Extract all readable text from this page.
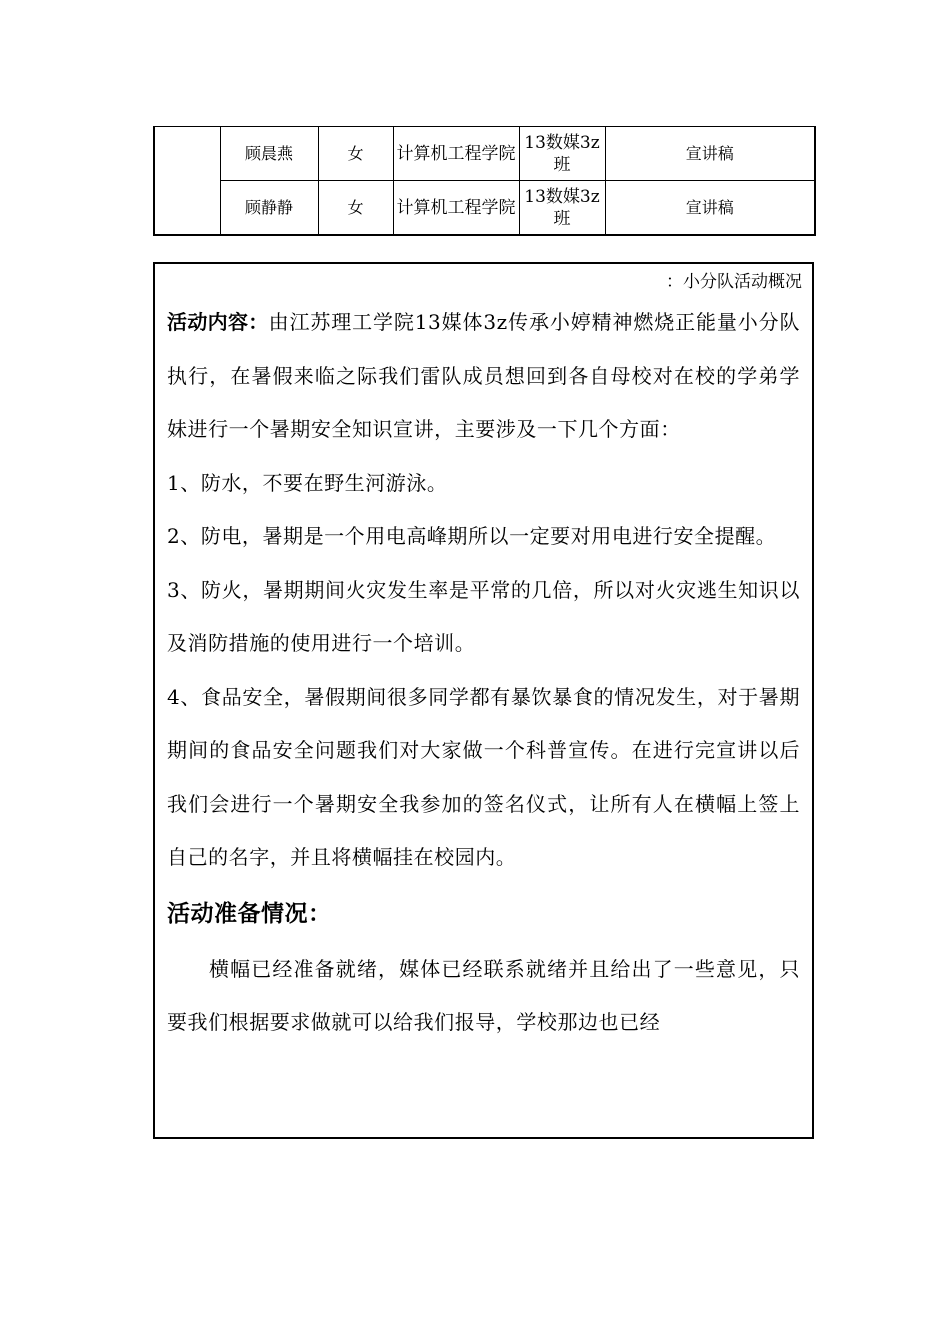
	顾晨燕	女	计算机工程学院	13数媒3z班	宣讲稿
	顾静静	女	计算机工程学院	13数媒3z班	宣讲稿
：小分队活动概况

活动内容：由江苏理工学院13媒体3z传承小婷精神燃烧正能量小分队执行，在暑假来临之际我们雷队成员想回到各自母校对在校的学弟学妹进行一个暑期安全知识宣讲，主要涉及一下几个方面：

1、防水，不要在野生河游泳。

2、防电，暑期是一个用电高峰期所以一定要对用电进行安全提醒。

3、防火，暑期期间火灾发生率是平常的几倍，所以对火灾逃生知识以及消防措施的使用进行一个培训。

4、食品安全，暑假期间很多同学都有暴饮暴食的情况发生，对于暑期期间的食品安全问题我们对大家做一个科普宣传。在进行完宣讲以后我们会进行一个暑期安全我参加的签名仪式，让所有人在横幅上签上自己的名字，并且将横幅挂在校园内。

活动准备情况：

横幅已经准备就绪，媒体已经联系就绪并且给出了一些意见，只要我们根据要求做就可以给我们报导，学校那边也已经
